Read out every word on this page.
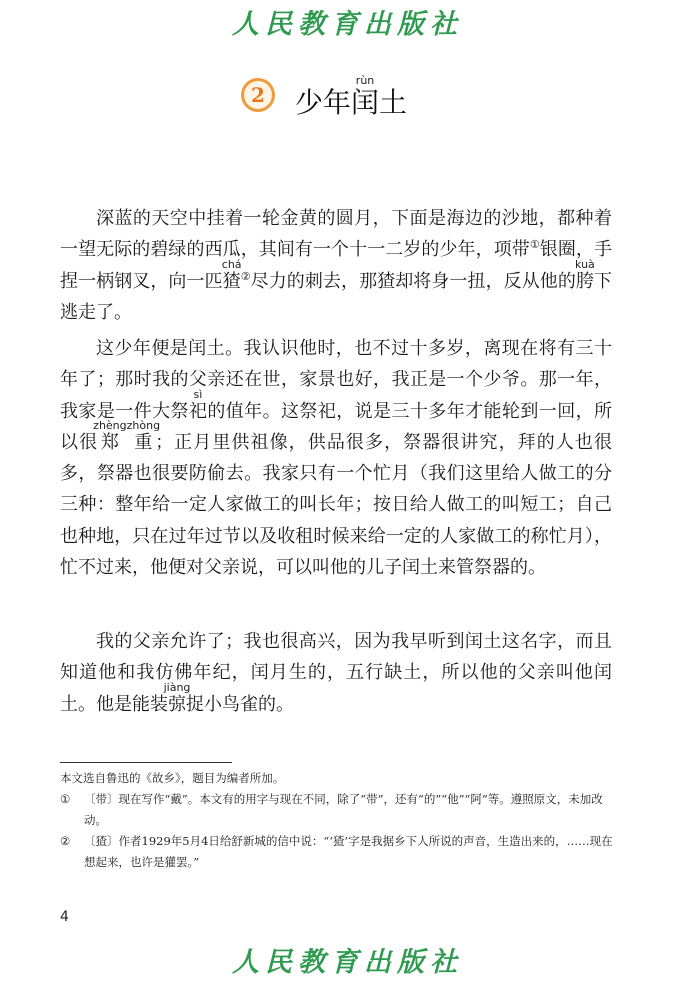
人民教育出版社
2 少年闰rùn土

深蓝的天空中挂着一轮金黄的圆月，下面是海边的沙地，都种着一望无际的碧绿的西瓜，其间有一个十一二岁的少年，项带①银圈，手捏一柄钢叉，向一匹猹chá②尽力的刺去，那猹却将身一扭，反从他的胯kuà下逃走了。

这少年便是闰土。我认识他时，也不过十多岁，离现在将有三十年了；那时我的父亲还在世，家景也好，我正是一个少爷。那一年，我家是一件大祭祀sì的值年。这祭祀，说是三十多年才能轮到一回，所以很郑zhèng重zhòng；正月里供祖像，供品很多，祭器很讲究，拜的人也很多，祭器也很要防偷去。我家只有一个忙月（我们这里给人做工的分三种：整年给一定人家做工的叫长年；按日给人做工的叫短工；自己也种地，只在过年过节以及收租时候来给一定的人家做工的称忙月），忙不过来，他便对父亲说，可以叫他的儿子闰土来管祭器的。

我的父亲允许了；我也很高兴，因为我早听到闰土这名字，而且知道他和我仿佛年纪，闰月生的，五行缺土，所以他的父亲叫他闰土。他是能装弶jiàng捉小鸟雀的。

本文选自鲁迅的《故乡》，题目为编者所加。

① 〔带〕现在写作“戴”。本文有的用字与现在不同，除了“带”，还有“的”“他”“阿”等。遵照原文，未加改动。

② 〔猹〕作者1929年5月4日给舒新城的信中说：“‘猹’字是我据乡下人所说的声音，生造出来的，……现在想起来，也许是獾罢。”

4
人民教育出版社
